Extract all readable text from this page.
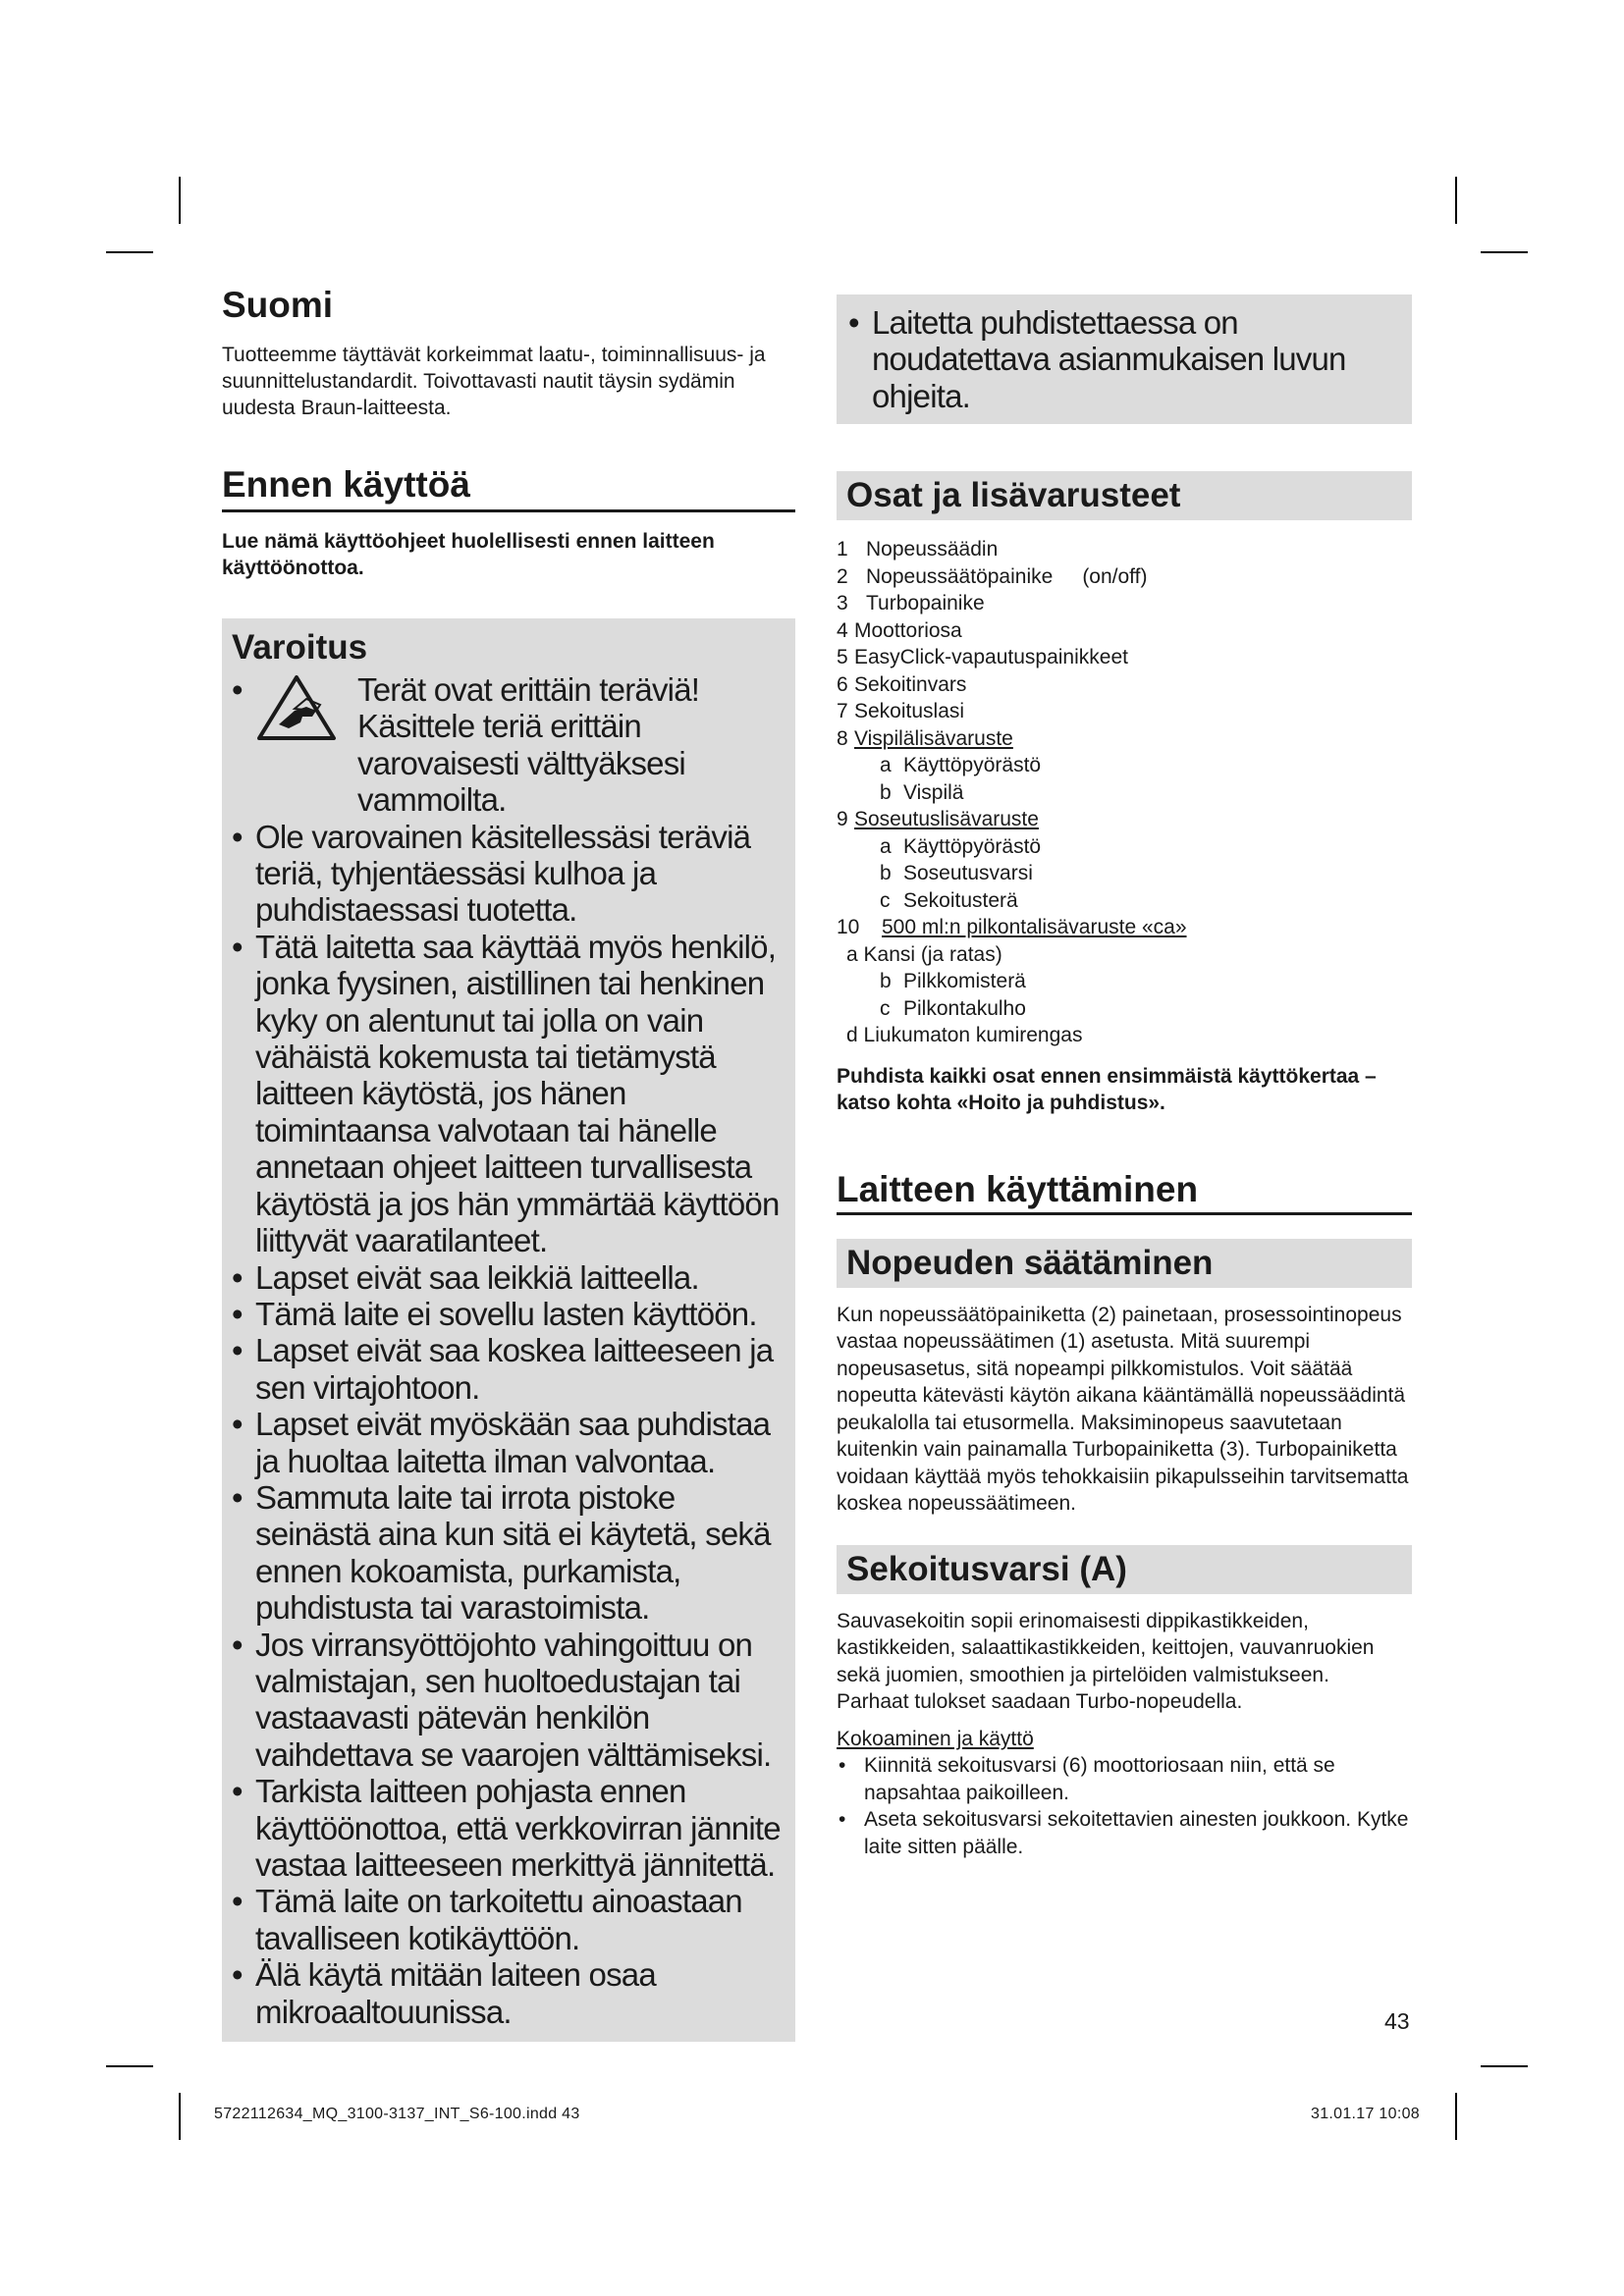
Suomi

Tuotteemme täyttävät korkeimmat laatu-, toiminnallisuus- ja suunnittelustandardit. Toivottavasti nautit täysin sydämin uudesta Braun-laitteesta.

Ennen käyttöä

Lue nämä käyttöohjeet huolellisesti ennen laitteen käyttöönottoa.

Varoitus
•	Terät ovat erittäin teräviä! Käsittele teriä erittäin varovaisesti välttyäksesi vammoilta.
• Ole varovainen käsitellessäsi teräviä teriä, tyhjentäessäsi kulhoa ja puhdistaessasi tuotetta.
• Tätä laitetta saa käyttää myös henkilö, jonka fyysinen, aistillinen tai henkinen kyky on alentunut tai jolla on vain vähäistä kokemusta tai tietämystä laitteen käytöstä, jos hänen toimintaansa valvotaan tai hänelle annetaan ohjeet laitteen turvallisesta käytöstä ja jos hän ymmärtää käyttöön liittyvät vaaratilanteet.
• Lapset eivät saa leikkiä laitteella.
• Tämä laite ei sovellu lasten käyttöön.
• Lapset eivät saa koskea laitteeseen ja sen virtajohtoon.
• Lapset eivät myöskään saa puhdistaa ja huoltaa laitetta ilman valvontaa.
• Sammuta laite tai irrota pistoke seinästä aina kun sitä ei käytetä, sekä ennen kokoamista, purkamista, puhdistusta tai varastoimista.
• Jos virransyöttöjohto vahingoittuu on valmistajan, sen huoltoedustajan tai vastaavasti pätevän henkilön vaihdettava se vaarojen välttämiseksi.
• Tarkista laitteen pohjasta ennen käyttöönottoa, että verkkovirran jännite vastaa laitteeseen merkittyä jännitettä.
• Tämä laite on tarkoitettu ainoastaan tavalliseen kotikäyttöön.
• Älä käytä mitään laiteen osaa mikroaaltouunissa.
• Laitetta puhdistettaessa on noudatettava asianmukaisen luvun ohjeita.
Osat ja lisävarusteet
1 Nopeussäädin
2 Nopeussäätöpainike (on/off)
3 Turbopainike
4 Moottoriosa
5 EasyClick-vapautuspainikkeet
6 Sekoitinvars
7 Sekoituslasi
8 Vispilälisävaruste
a Käyttöpyörästö
b Vispilä
9 Soseutuslisävaruste
a Käyttöpyörästö
b Soseutusvarsi
c Sekoitusterä
10	500 ml:n pilkontalisävaruste «ca»
a Kansi (ja ratas)
b Pilkkomisterä
c Pilkontakulho
d Liukumaton kumirengas

Puhdista kaikki osat ennen ensimmäistä käyttökertaa – katso kohta «Hoito ja puhdistus».

Laitteen käyttäminen
Nopeuden säätäminen

Kun nopeussäätöpainiketta (2) painetaan, prosessointinopeus vastaa nopeussäätimen (1) asetusta. Mitä suurempi nopeusasetus, sitä nopeampi pilkkomistulos. Voit säätää nopeutta kätevästi käytön aikana kääntämällä nopeussäädintä peukalolla tai etusormella. Maksiminopeus saavutetaan kuitenkin vain painamalla Turbopainiketta (3). Turbopainiketta voidaan käyttää myös tehokkaisiin pikapulsseihin tarvitsematta koskea nopeussäätimeen.

Sekoitusvarsi (A)

Sauvasekoitin sopii erinomaisesti dippikastikkeiden, kastikkeiden, salaattikastikkeiden, keittojen, vauvanruokien sekä juomien, smoothien ja pirtelöiden valmistukseen.

Parhaat tulokset saadaan Turbo-nopeudella.

Kokoaminen ja käyttö

• Kiinnitä sekoitusvarsi (6) moottoriosaan niin, että se napsahtaa paikoilleen.
• Aseta sekoitusvarsi sekoitettavien ainesten joukkoon. Kytke laite sitten päälle.
43
5722112634_MQ_3100-3137_INT_S6-100.indd 43	31.01.17 10:08
